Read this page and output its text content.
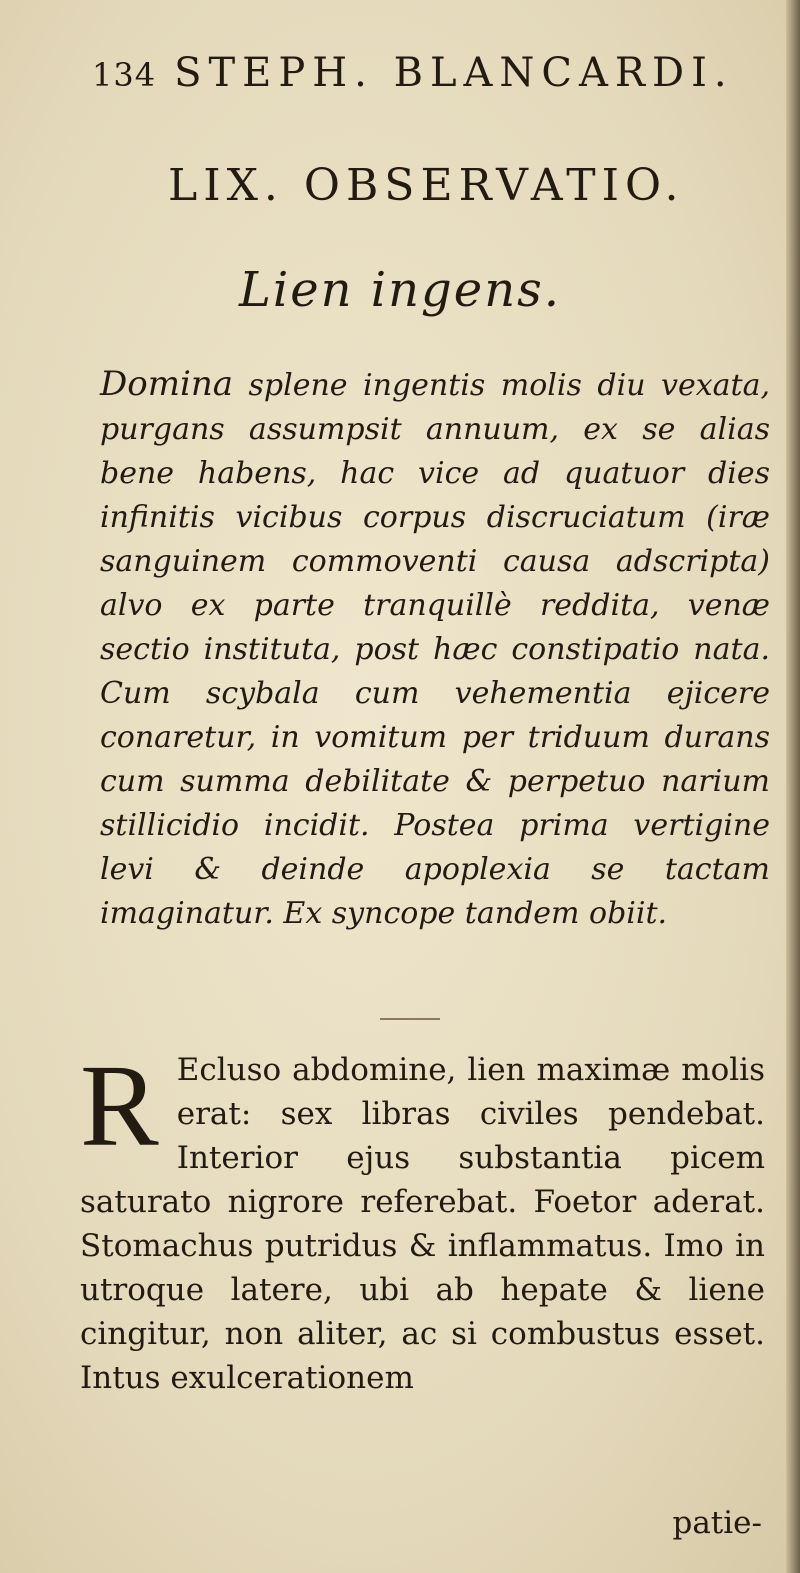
134 STEPH. BLANCARDI.
LIX. OBSERVATIO.
Lien ingens.
Domina splene ingentis molis diu vexata, purgans assumpsit annuum, ex se alias bene habens, hac vice ad quatuor dies infinitis vicibus corpus discruciatum (iræ sanguinem commoventi causa adscripta) alvo ex parte tranquillè reddita, venæ sectio instituta, post hæc constipatio nata. Cum scybala cum vehementia ejicere conaretur, in vomitum per triduum durans cum summa debilitate & perpetuo narium stillicidio incidit. Postea prima vertigine levi & deinde apoplexia se tactam imaginatur. Ex syncope tandem obiit.
R Ecluso abdomine, lien maximæ molis erat: sex libras civiles pendebat. Interior ejus substantia picem saturato nigrore referebat. Foetor aderat. Stomachus putridus & inflammatus. Imo in utroque latere, ubi ab hepate & liene cingitur, non aliter, ac si combustus esset. Intus exulcerationem
patie-
